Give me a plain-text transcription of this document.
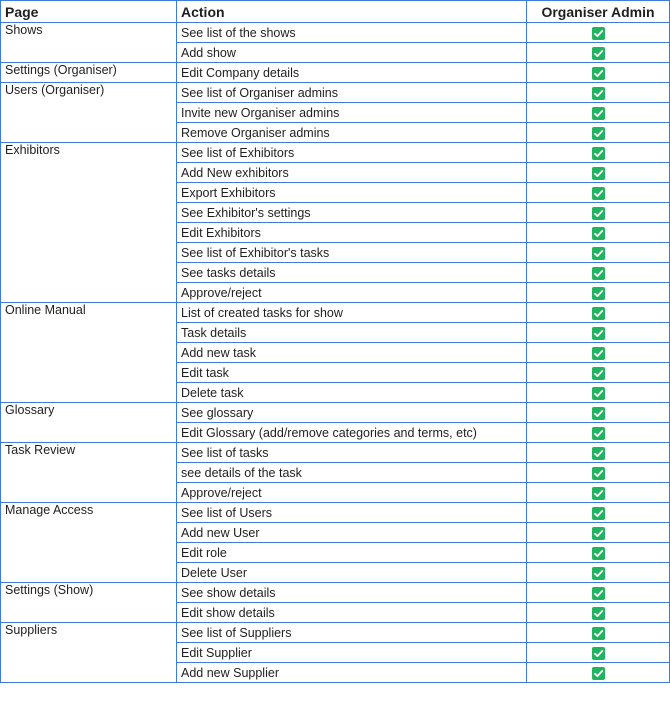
Page	Action	Organiser Admin
Shows	See list of the shows	

	Add show	

Settings (Organiser)	Edit Company details	

Users (Organiser)	See list of Organiser admins	

	Invite new Organiser admins	

	Remove Organiser admins	

Exhibitors	See list of Exhibitors	

	Add New exhibitors	

	Export Exhibitors	

	See Exhibitor's settings	

	Edit Exhibitors	

	See list of Exhibitor's tasks	

	See tasks details	

	Approve/reject	

Online Manual	List of created tasks for show	

	Task details	

	Add new task	

	Edit task	

	Delete task	

Glossary	See glossary	

	Edit Glossary (add/remove categories and terms, etc)	

Task Review	See list of tasks	

	see details of the task	

	Approve/reject	

Manage Access	See list of Users	

	Add new User	

	Edit role	

	Delete User	

Settings (Show)	See show details	

	Edit show details	

Suppliers	See list of Suppliers	

	Edit Supplier	

	Add new Supplier	
